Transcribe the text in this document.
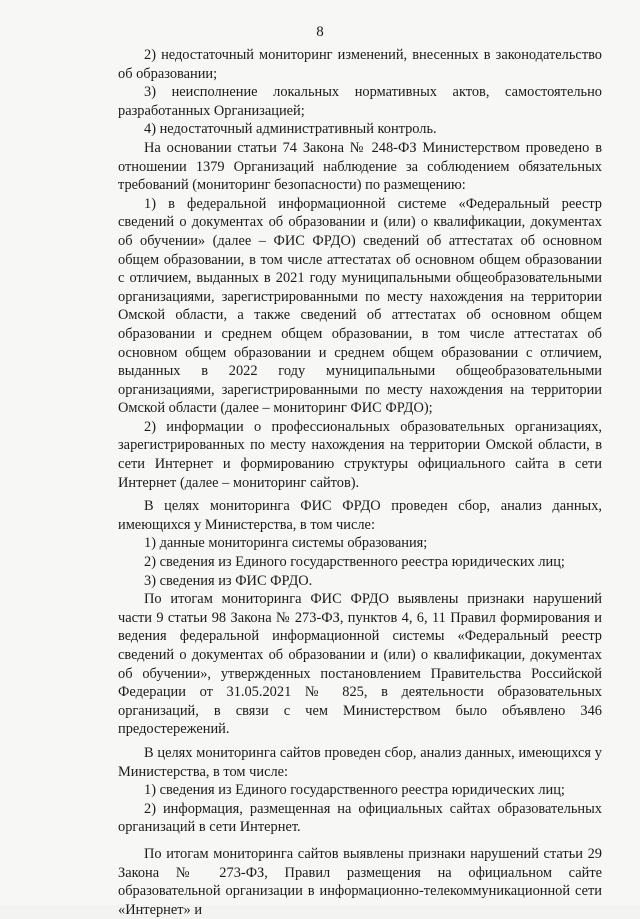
8

2) недостаточный мониторинг изменений, внесенных в законодательство об образовании;

3) неисполнение локальных нормативных актов, самостоятельно разработанных Организацией;

4) недостаточный административный контроль.

На основании статьи 74 Закона № 248-ФЗ Министерством проведено в отношении 1379 Организаций наблюдение за соблюдением обязательных требований (мониторинг безопасности) по размещению:

1) в федеральной информационной системе «Федеральный реестр сведений о документах об образовании и (или) о квалификации, документах об обучении» (далее – ФИС ФРДО) сведений об аттестатах об основном общем образовании, в том числе аттестатах об основном общем образовании с отличием, выданных в 2021 году муниципальными общеобразовательными организациями, зарегистрированными по месту нахождения на территории Омской области, а также сведений об аттестатах об основном общем образовании и среднем общем образовании, в том числе аттестатах об основном общем образовании и среднем общем образовании с отличием, выданных в 2022 году муниципальными общеобразовательными организациями, зарегистрированными по месту нахождения на территории Омской области (далее – мониторинг ФИС ФРДО);

2) информации о профессиональных образовательных организациях, зарегистрированных по месту нахождения на территории Омской области, в сети Интернет и формированию структуры официального сайта в сети Интернет (далее – мониторинг сайтов).

В целях мониторинга ФИС ФРДО проведен сбор, анализ данных, имеющихся у Министерства, в том числе:

1) данные мониторинга системы образования;

2) сведения из Единого государственного реестра юридических лиц;

3) сведения из ФИС ФРДО.

По итогам мониторинга ФИС ФРДО выявлены признаки нарушений части 9 статьи 98 Закона № 273-ФЗ, пунктов 4, 6, 11 Правил формирования и ведения федеральной информационной системы «Федеральный реестр сведений о документах об образовании и (или) о квалификации, документах об обучении», утвержденных постановлением Правительства Российской Федерации от 31.05.2021 № 825, в деятельности образовательных организаций, в связи с чем Министерством было объявлено 346 предостережений.

В целях мониторинга сайтов проведен сбор, анализ данных, имеющихся у Министерства, в том числе:

1) сведения из Единого государственного реестра юридических лиц;

2) информация, размещенная на официальных сайтах образовательных организаций в сети Интернет.

По итогам мониторинга сайтов выявлены признаки нарушений статьи 29 Закона № 273-ФЗ, Правил размещения на официальном сайте образовательной организации в информационно-телекоммуникационной сети «Интернет» и
